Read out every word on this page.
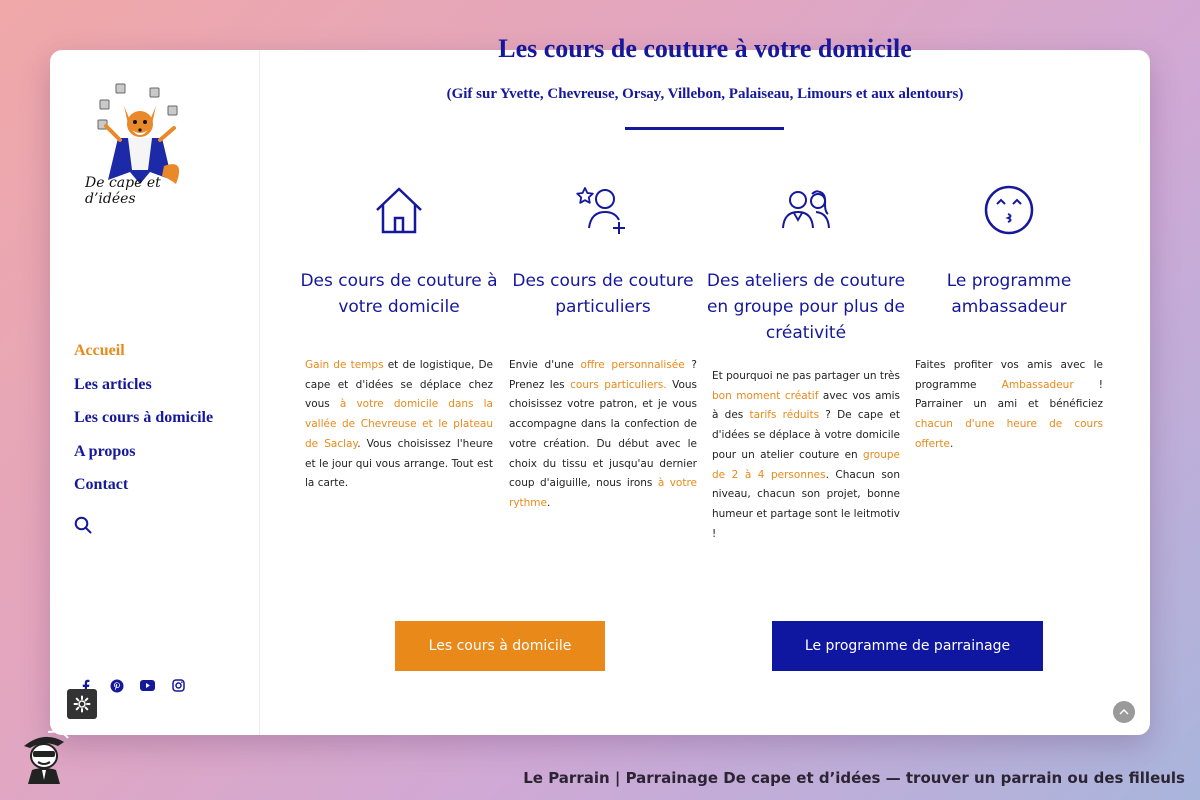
De cape et d’idées
Accueil
Les articles
Les cours à domicile
A propos
Contact
Les cours de couture à votre domicile
(Gif sur Yvette, Chevreuse, Orsay, Villebon, Palaiseau, Limours et aux alentours)
Des cours de couture à votre domicile

Gain de temps et de logistique, De cape et d'idées se déplace chez vous à votre domicile dans la vallée de Chevreuse et le plateau de Saclay. Vous choisissez l'heure et le jour qui vous arrange. Tout est la carte.

Des cours de couture particuliers

Envie d'une offre personnalisée ? Prenez les cours particuliers. Vous choisissez votre patron, et je vous accompagne dans la confection de votre création. Du début avec le choix du tissu et jusqu'au dernier coup d'aiguille, nous irons à votre rythme.

Des ateliers de couture en groupe pour plus de créativité

Et pourquoi ne pas partager un très bon moment créatif avec vos amis à des tarifs réduits ? De cape et d'idées se déplace à votre domicile pour un atelier couture en groupe de 2 à 4 personnes. Chacun son niveau, chacun son projet, bonne humeur et partage sont le leitmotiv !

Le programme ambassadeur

Faites profiter vos amis avec le programme Ambassadeur ! Parrainer un ami et bénéficiez chacun d'une heure de cours offerte.

Les cours à domicile	Le programme de parrainage
Le Parrain | Parrainage De cape et d’idées — trouver un parrain ou des filleuls
